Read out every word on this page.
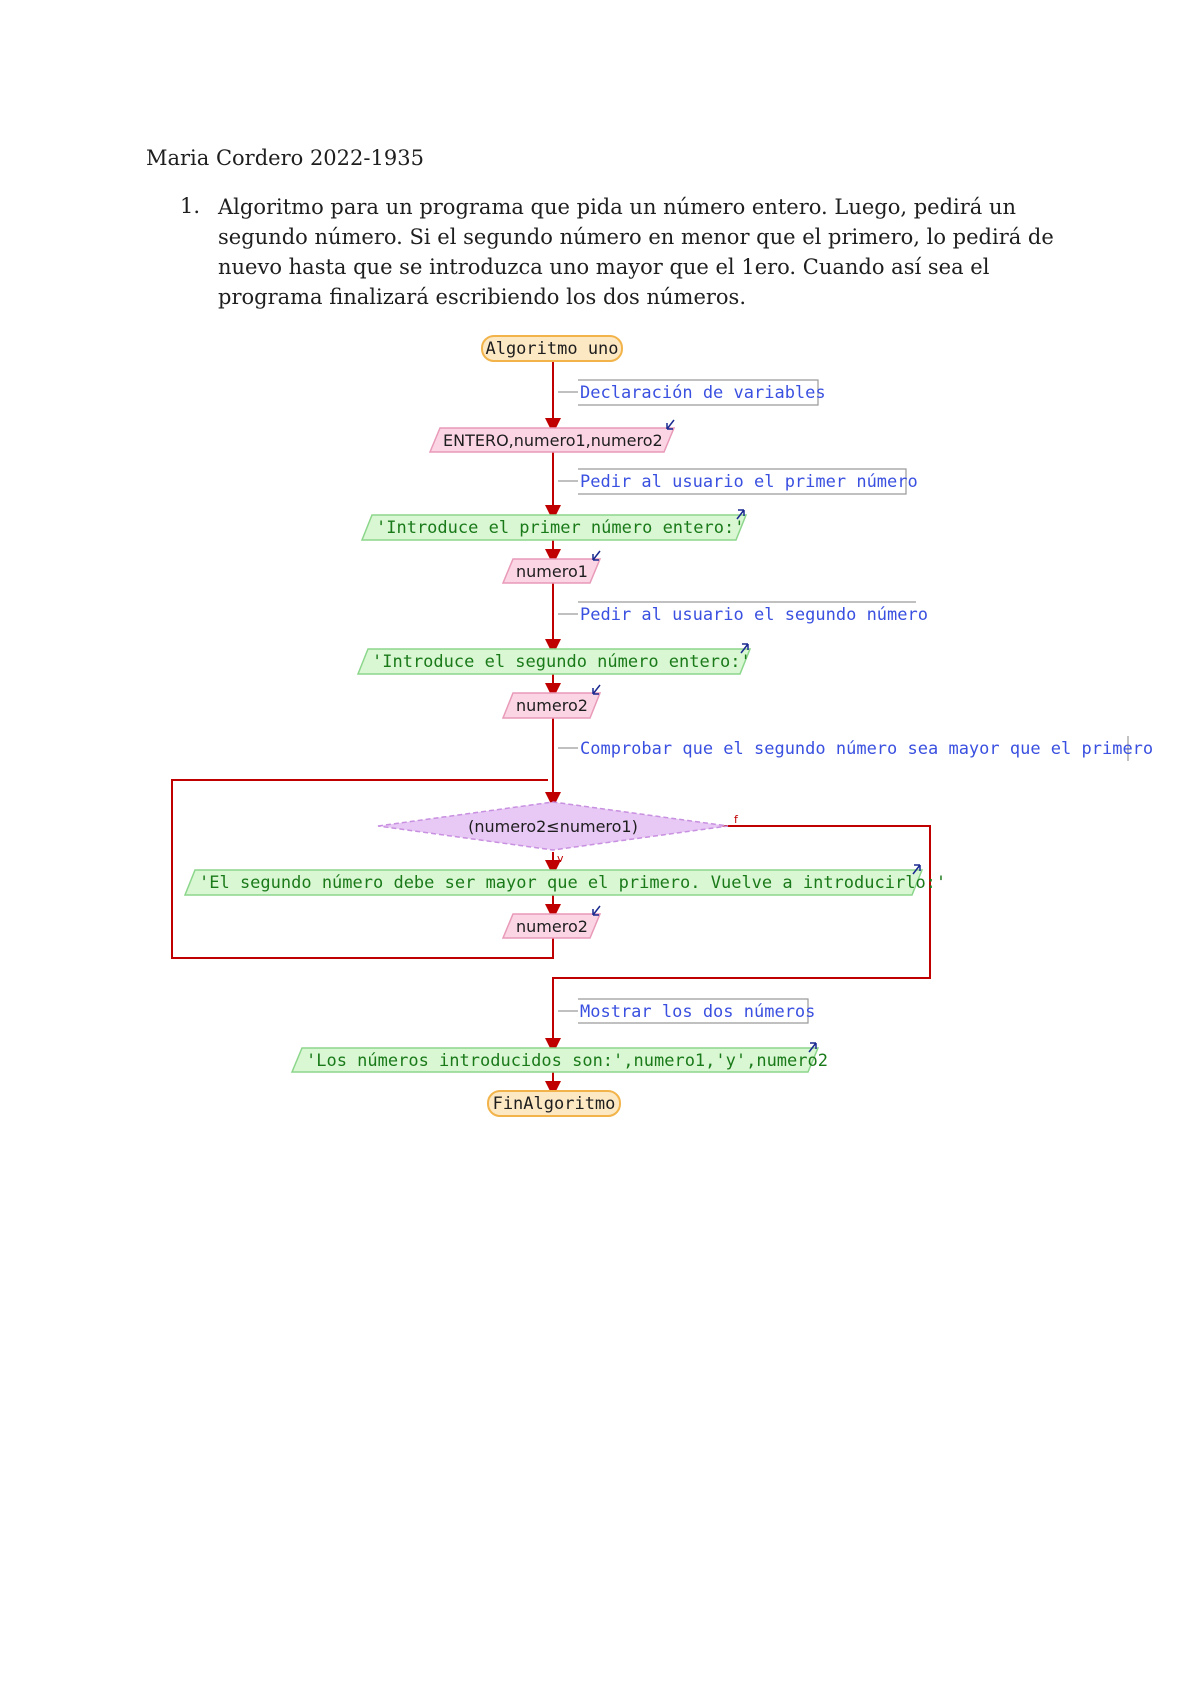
Maria Cordero 2022-1935
1. Algoritmo para un programa que pida un número entero. Luego, pedirá un segundo número. Si el segundo número en menor que el primero, lo pedirá de nuevo hasta que se introduzca uno mayor que el 1ero. Cuando así sea el programa finalizará escribiendo los dos números.
Algoritmo uno
Declaración de variables
ENTERO,numero1,numero2
Pedir al usuario el primer número
'Introduce el primer número entero:'
numero1
Pedir al usuario el segundo número
'Introduce el segundo número entero:'
numero2
Comprobar que el segundo número sea mayor que el primero
(numero2≤numero1)
v
f
'El segundo número debe ser mayor que el primero. Vuelve a introducirlo:'
numero2
Mostrar los dos números
'Los números introducidos son:',numero1,'y',numero2
FinAlgoritmo
